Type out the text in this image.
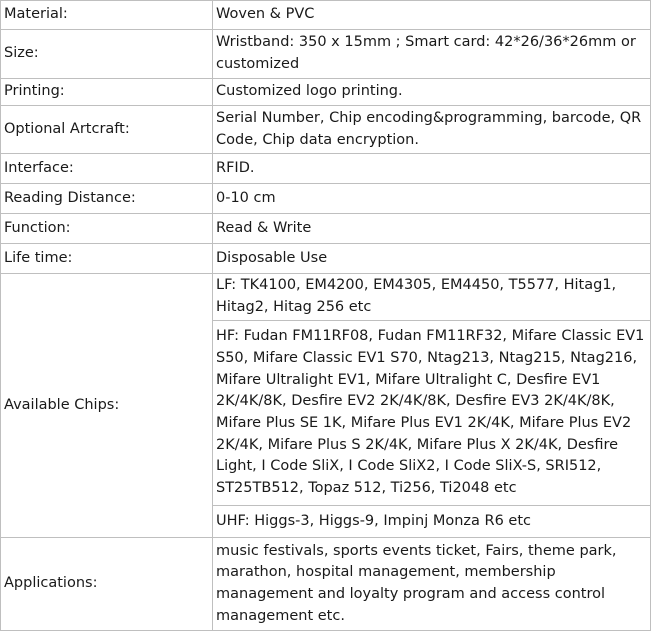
Material:	Woven & PVC
Size:	Wristband: 350 x 15mm ; Smart card: 42*26/36*26mm or customized
Printing:	Customized logo printing.
Optional Artcraft:	Serial Number, Chip encoding&programming, barcode, QR Code, Chip data encryption.
Interface:	RFID.
Reading Distance:	0-10 cm
Function:	Read & Write
Life time:	Disposable Use
Available Chips:	LF: TK4100, EM4200, EM4305, EM4450, T5577, Hitag1, Hitag2, Hitag 256 etc
	HF: Fudan FM11RF08, Fudan FM11RF32, Mifare Classic EV1 S50, Mifare Classic EV1 S70, Ntag213, Ntag215, Ntag216, Mifare Ultralight EV1, Mifare Ultralight C, Desfire EV1 2K/4K/8K, Desfire EV2 2K/4K/8K, Desfire EV3 2K/4K/8K, Mifare Plus SE 1K, Mifare Plus EV1 2K/4K, Mifare Plus EV2 2K/4K, Mifare Plus S 2K/4K, Mifare Plus X 2K/4K, Desfire Light, I Code SliX, I Code SliX2, I Code SliX-S, SRI512, ST25TB512, Topaz 512, Ti256, Ti2048 etc
	UHF: Higgs-3, Higgs-9, Impinj Monza R6 etc
Applications:	music festivals, sports events ticket, Fairs, theme park, marathon, hospital management, membership management and loyalty program and access control management etc.
